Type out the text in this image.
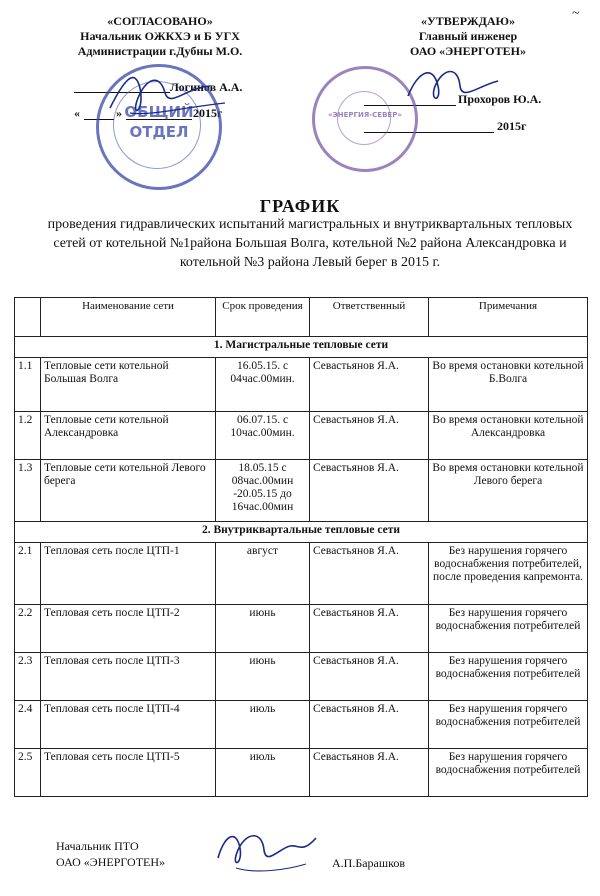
~
«СОГЛАСОВАНО»
Начальник ОЖКХЭ и Б УГХ
Администрации г.Дубны М.О.
Логинов А.А.
«	»	2015г
ОБЩИЙ
ОТДЕЛ
«УТВЕРЖДАЮ»
Главный инженер
ОАО «ЭНЕРГОТЕН»
Прохоров Ю.А.
2015г
«ЭНЕРГИЯ-СЕВЕР»
ГРАФИК
проведения гидравлических испытаний магистральных и внутриквартальных тепловых сетей от котельной №1района Большая Волга, котельной №2 района Александровка и котельной №3 района Левый берег в 2015 г.
	Наименование сети	Срок проведения	Ответственный	Примечания
1. Магистральные тепловые сети				
1.1	Тепловые сети котельной Большая Волга	16.05.15. с 04час.00мин.	Севастьянов Я.А.	Во время остановки котельной Б.Волга
1.2	Тепловые сети котельной Александровка	06.07.15. с 10час.00мин.	Севастьянов Я.А.	Во время остановки котельной Александровка
1.3	Тепловые сети котельной Левого берега	18.05.15 с 08час.00мин -20.05.15 до 16час.00мин	Севастьянов Я.А.	Во время остановки котельной Левого берега
2. Внутриквартальные тепловые сети				
2.1	Тепловая сеть после ЦТП-1	август	Севастьянов Я.А.	Без нарушения горячего водоснабжения потребителей, после проведения капремонта.
2.2	Тепловая сеть после ЦТП-2	июнь	Севастьянов Я.А.	Без нарушения горячего водоснабжения потребителей
2.3	Тепловая сеть после ЦТП-3	июнь	Севастьянов Я.А.	Без нарушения горячего водоснабжения потребителей
2.4	Тепловая сеть после ЦТП-4	июль	Севастьянов Я.А.	Без нарушения горячего водоснабжения потребителей
2.5	Тепловая сеть после ЦТП-5	июль	Севастьянов Я.А.	Без нарушения горячего водоснабжения потребителей
Начальник ПТО
ОАО «ЭНЕРГОТЕН»	А.П.Барашков
